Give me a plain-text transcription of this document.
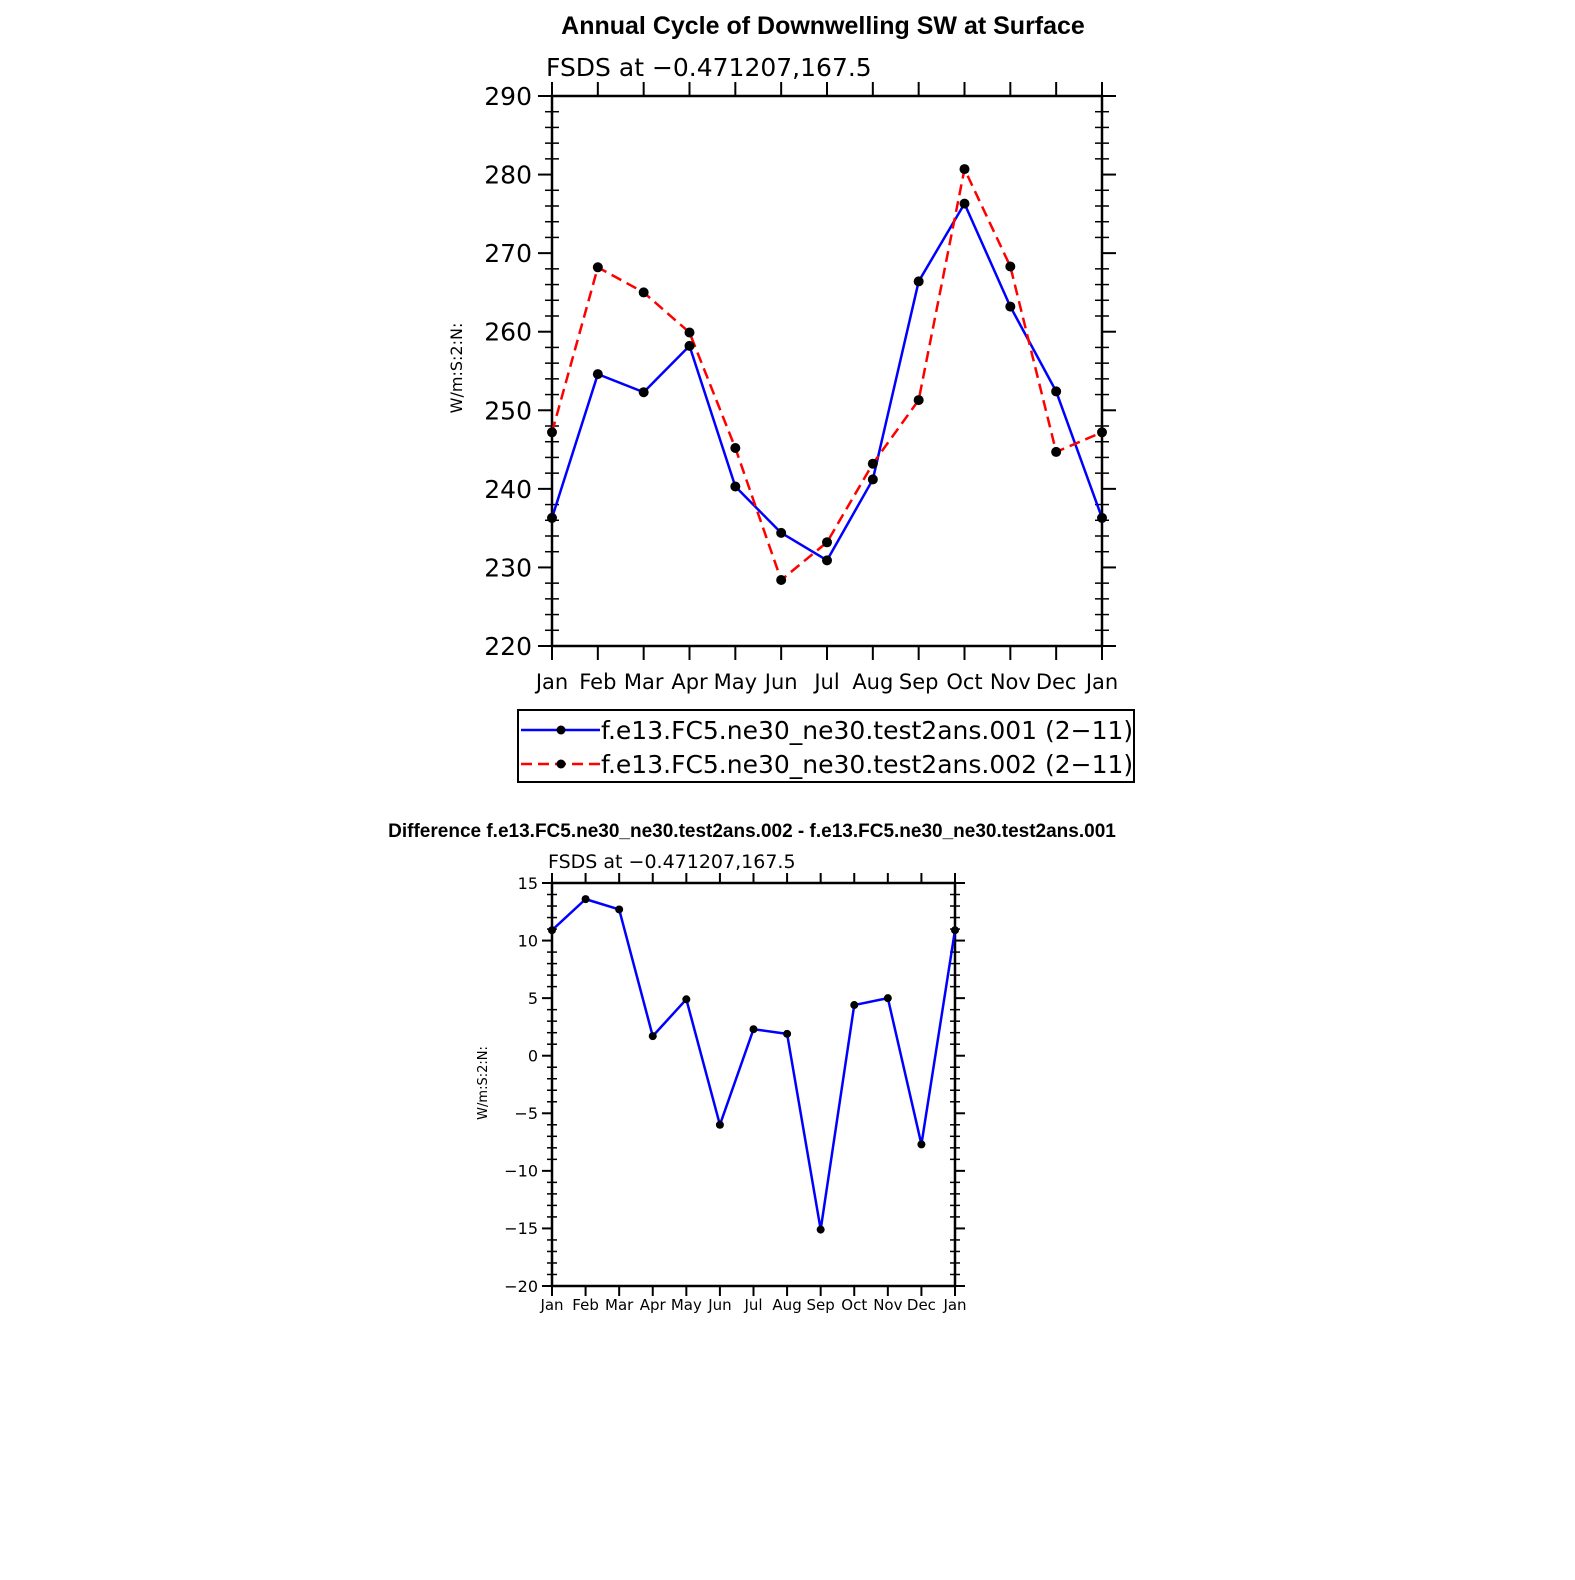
Annual Cycle of Downwelling SW at Surface
FSDS at −0.471207,167.5
W/m:S:2:N:
Jan Feb Mar Apr May Jun Jul Aug Sep Oct Nov Dec Jan
220
230
240
250
260
270
280
290
f.e13.FC5.ne30_ne30.test2ans.001 (2−11)
f.e13.FC5.ne30_ne30.test2ans.002 (2−11)
Difference f.e13.FC5.ne30_ne30.test2ans.002 - f.e13.FC5.ne30_ne30.test2ans.001
FSDS at −0.471207,167.5
W/m:S:2:N:
Jan Feb Mar Apr May Jun Jul Aug Sep Oct Nov Dec Jan
−20
−15
−10
−5
0
5
10
15
